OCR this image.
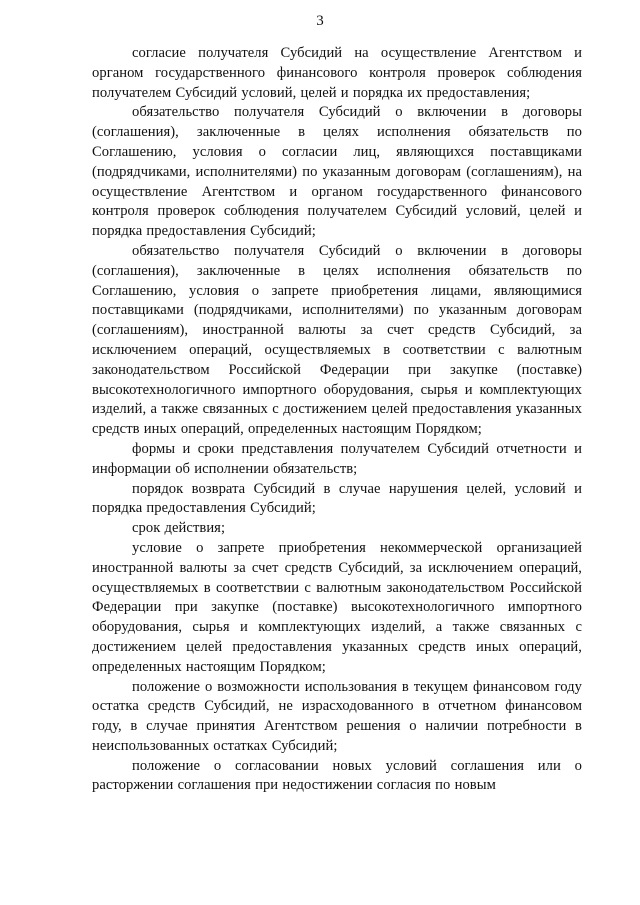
3

согласие получателя Субсидий на осуществление Агентством и органом государственного финансового контроля проверок соблюдения получателем Субсидий условий, целей и порядка их предоставления;

обязательство получателя Субсидий о включении в договоры (соглашения), заключенные в целях исполнения обязательств по Соглашению, условия о согласии лиц, являющихся поставщиками (подрядчиками, исполнителями) по указанным договорам (соглашениям), на осуществление Агентством и органом государственного финансового контроля проверок соблюдения получателем Субсидий условий, целей и порядка предоставления Субсидий;

обязательство получателя Субсидий о включении в договоры (соглашения), заключенные в целях исполнения обязательств по Соглашению, условия о запрете приобретения лицами, являющимися поставщиками (подрядчиками, исполнителями) по указанным договорам (соглашениям), иностранной валюты за счет средств Субсидий, за исключением операций, осуществляемых в соответствии с валютным законодательством Российской Федерации при закупке (поставке) высокотехнологичного импортного оборудования, сырья и комплектующих изделий, а также связанных с достижением целей предоставления указанных средств иных операций, определенных настоящим Порядком;

формы и сроки представления получателем Субсидий отчетности и информации об исполнении обязательств;

порядок возврата Субсидий в случае нарушения целей, условий и порядка предоставления Субсидий;

срок действия;

условие о запрете приобретения некоммерческой организацией иностранной валюты за счет средств Субсидий, за исключением операций, осуществляемых в соответствии с валютным законодательством Российской Федерации при закупке (поставке) высокотехнологичного импортного оборудования, сырья и комплектующих изделий, а также связанных с достижением целей предоставления указанных средств иных операций, определенных настоящим Порядком;

положение о возможности использования в текущем финансовом году остатка средств Субсидий, не израсходованного в отчетном финансовом году, в случае принятия Агентством решения о наличии потребности в неиспользованных остатках Субсидий;

положение о согласовании новых условий соглашения или о расторжении соглашения при недостижении согласия по новым
